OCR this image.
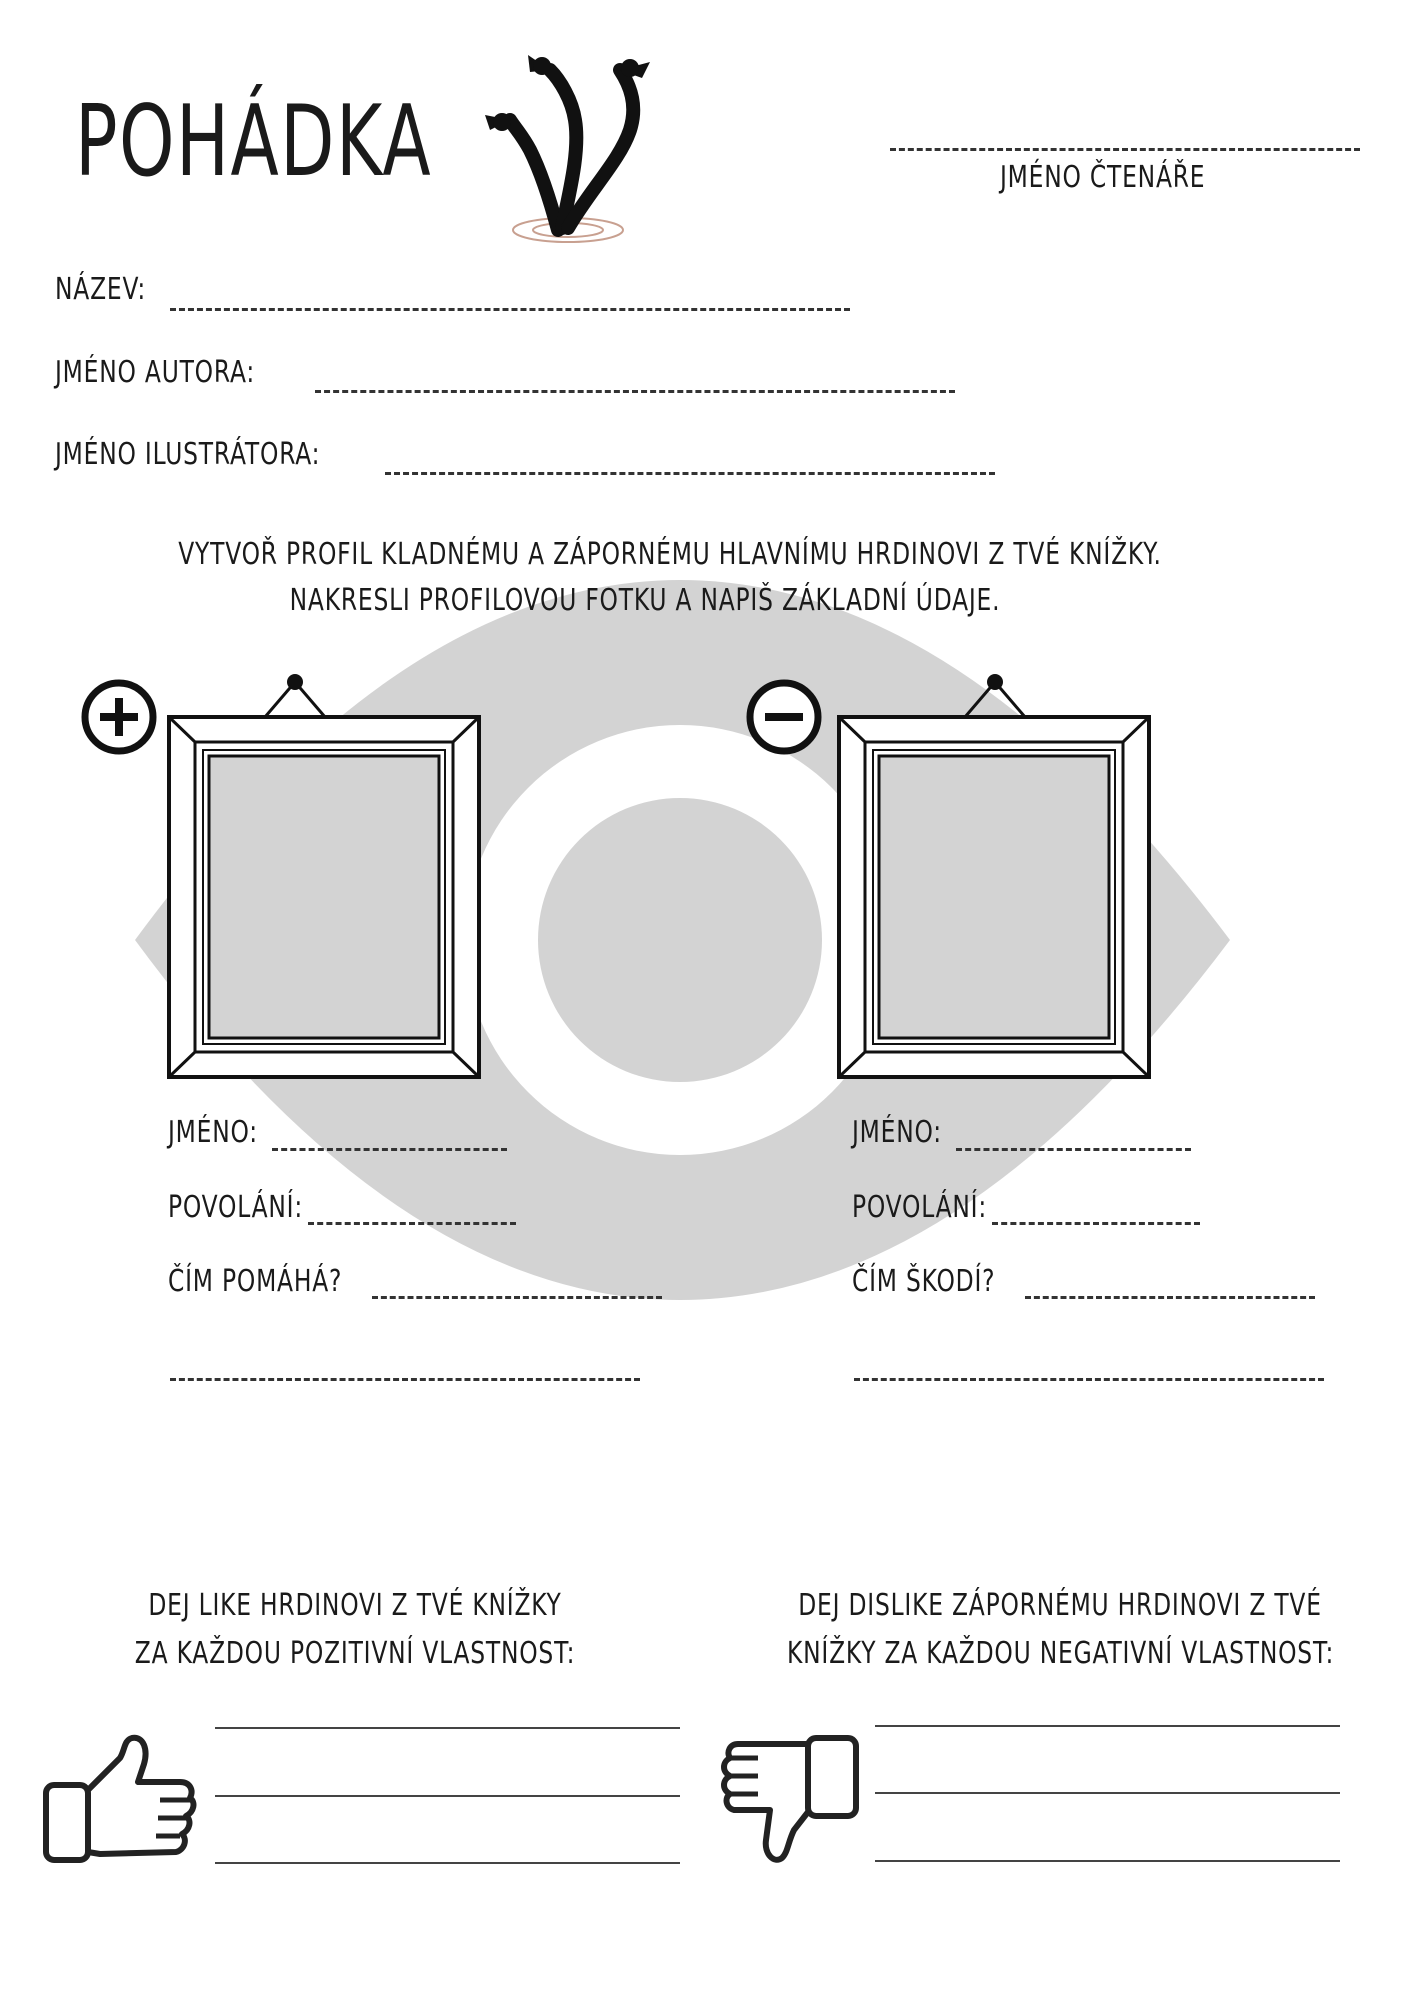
POHÁDKA	JMÉNO ČTENÁŘE
NÁZEV:
JMÉNO AUTORA:
JMÉNO ILUSTRÁTORA:
VYTVOŘ PROFIL KLADNÉMU A ZÁPORNÉMU HLAVNÍMU HRDINOVI Z TVÉ KNÍŽKY.
NAKRESLI PROFILOVOU FOTKU A NAPIŠ ZÁKLADNÍ ÚDAJE.
JMÉNO:
POVOLÁNÍ:
ČÍM POMÁHÁ?
JMÉNO:
POVOLÁNÍ:
ČÍM ŠKODÍ?
DEJ LIKE HRDINOVI Z TVÉ KNÍŽKY
ZA KAŽDOU POZITIVNÍ VLASTNOST:
DEJ DISLIKE ZÁPORNÉMU HRDINOVI Z TVÉ
KNÍŽKY ZA KAŽDOU NEGATIVNÍ VLASTNOST:
